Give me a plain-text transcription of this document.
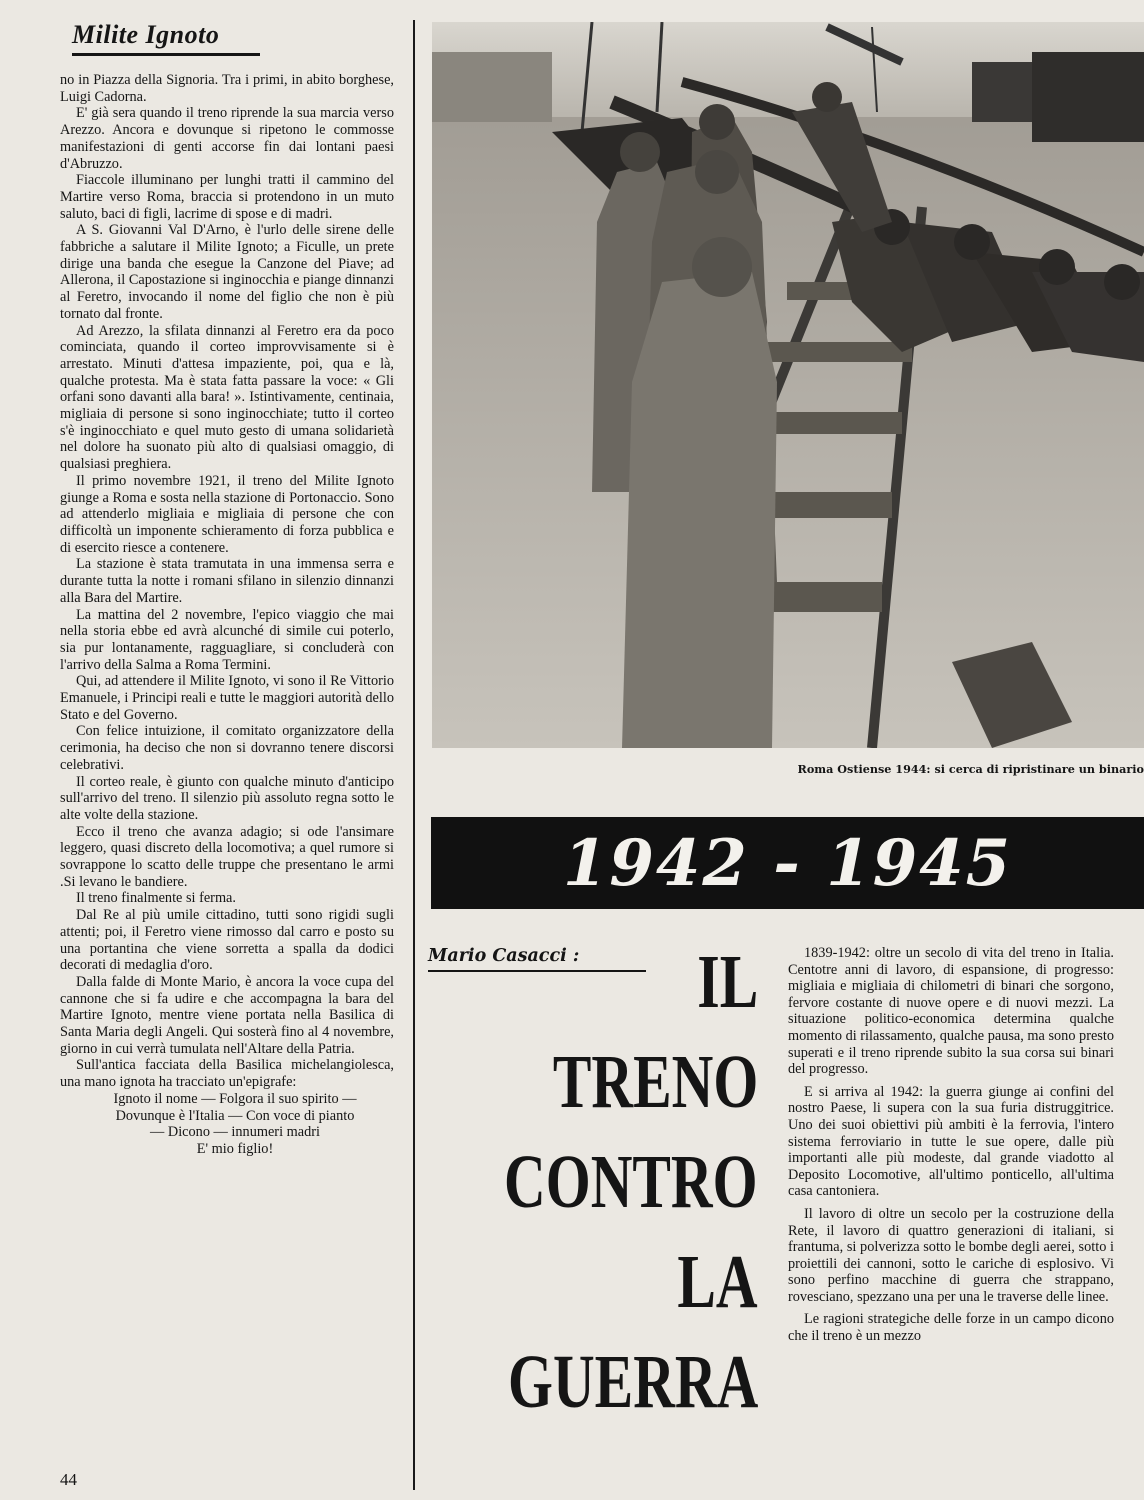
Milite Ignoto

no in Piazza della Signoria. Tra i primi, in abito borghese, Luigi Cadorna.

E' già sera quando il treno riprende la sua marcia verso Arezzo. Ancora e dovunque si ripetono le commosse manifestazioni di genti accorse fin dai lontani paesi d'Abruzzo.

Fiaccole illuminano per lunghi tratti il cammino del Martire verso Roma, braccia si protendono in un muto saluto, baci di figli, lacrime di spose e di madri.

A S. Giovanni Val D'Arno, è l'urlo delle sirene delle fabbriche a salutare il Milite Ignoto; a Ficulle, un prete dirige una banda che esegue la Canzone del Piave; ad Allerona, il Capostazione si inginocchia e piange dinnanzi al Feretro, invocando il nome del figlio che non è più tornato dal fronte.

Ad Arezzo, la sfilata dinnanzi al Feretro era da poco cominciata, quando il corteo improvvisamente si è arrestato. Minuti d'attesa impaziente, poi, qua e là, qualche protesta. Ma è stata fatta passare la voce: « Gli orfani sono davanti alla bara! ». Istintivamente, centinaia, migliaia di persone si sono inginocchiate; tutto il corteo s'è inginocchiato e quel muto gesto di umana solidarietà nel dolore ha suonato più alto di qualsiasi omaggio, di qualsiasi preghiera.

Il primo novembre 1921, il treno del Milite Ignoto giunge a Roma e sosta nella stazione di Portonaccio. Sono ad attenderlo migliaia e migliaia di persone che con difficoltà un imponente schieramento di forza pubblica e di esercito riesce a contenere.

La stazione è stata tramutata in una immensa serra e durante tutta la notte i romani sfilano in silenzio dinnanzi alla Bara del Martire.

La mattina del 2 novembre, l'epico viaggio che mai nella storia ebbe ed avrà alcunché di simile cui poterlo, sia pur lontanamente, ragguagliare, si concluderà con l'arrivo della Salma a Roma Termini.

Qui, ad attendere il Milite Ignoto, vi sono il Re Vittorio Emanuele, i Principi reali e tutte le maggiori autorità dello Stato e del Governo.

Con felice intuizione, il comitato organizzatore della cerimonia, ha deciso che non si dovranno tenere discorsi celebrativi.

Il corteo reale, è giunto con qualche minuto d'anticipo sull'arrivo del treno. Il silenzio più assoluto regna sotto le alte volte della stazione.

Ecco il treno che avanza adagio; si ode l'ansimare leggero, quasi discreto della locomotiva; a quel rumore si sovrappone lo scatto delle truppe che presentano le armi .Si levano le bandiere.

Il treno finalmente si ferma.

Dal Re al più umile cittadino, tutti sono rigidi sugli attenti; poi, il Feretro viene rimosso dal carro e posto su una portantina che viene sorretta a spalla da dodici decorati di medaglia d'oro.

Dalla falde di Monte Mario, è ancora la voce cupa del cannone che si fa udire e che accompagna la bara del Martire Ignoto, mentre viene portata nella Basilica di Santa Maria degli Angeli. Qui sosterà fino al 4 novembre, giorno in cui verrà tumulata nell'Altare della Patria.

Sull'antica facciata della Basilica michelangiolesca, una mano ignota ha tracciato un'epigrafe:

Ignoto il nome — Folgora il suo spirito —

Dovunque è l'Italia — Con voce di pianto

— Dicono — innumeri madri

E' mio figlio!

Roma Ostiense 1944: si cerca di ripristinare un binario
1942 - 1945
Mario Casacci :	IL
TRENO
CONTRO
LA
GUERRA

1839-1942: oltre un secolo di vita del treno in Italia. Centotre anni di lavoro, di espansione, di progresso: migliaia e migliaia di chilometri di binari che sorgono, fervore costante di nuove opere e di nuovi mezzi. La situazione politico-economica determina qualche momento di rilassamento, qualche pausa, ma sono presto superati e il treno riprende subito la sua corsa sui binari del progresso.

E si arriva al 1942: la guerra giunge ai confini del nostro Paese, li supera con la sua furia distruggitrice. Uno dei suoi obiettivi più ambiti è la ferrovia, l'intero sistema ferroviario in tutte le sue opere, dalle più importanti alle più modeste, dal grande viadotto al Deposito Locomotive, all'ultimo ponticello, all'ultima casa cantoniera.

Il lavoro di oltre un secolo per la costruzione della Rete, il lavoro di quattro generazioni di italiani, si frantuma, si polverizza sotto le bombe degli aerei, sotto i proiettili dei cannoni, sotto le cariche di esplosivo. Vi sono perfino macchine di guerra che strappano, rovesciano, spezzano una per una le traverse delle linee.

Le ragioni strategiche delle forze in un campo dicono che il treno è un mezzo

44
